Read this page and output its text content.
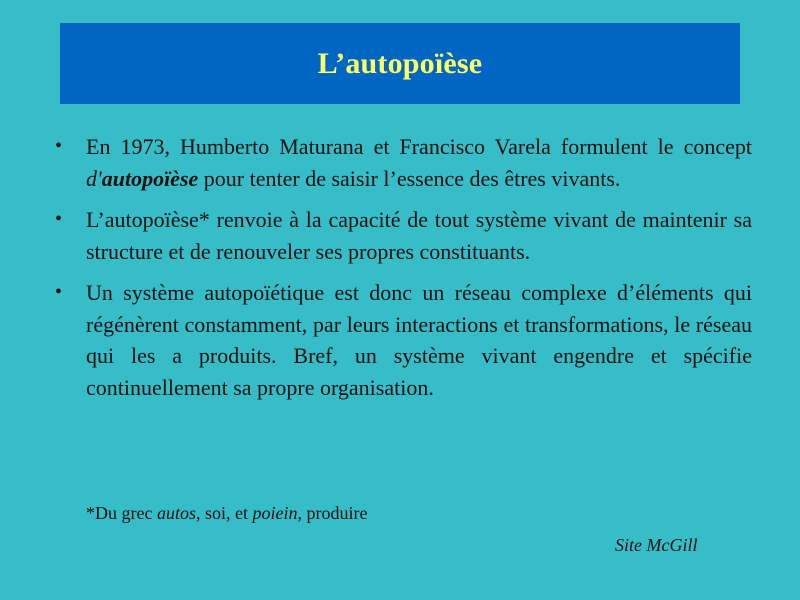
L’autopoïèse
• En 1973, Humberto Maturana et Francisco Varela formulent le concept d'autopoïèse pour tenter de saisir l’essence des êtres vivants.
• L’autopoïèse* renvoie à la capacité de tout système vivant de maintenir sa structure et de renouveler ses propres constituants.
• Un système autopoïétique est donc un réseau complexe d’éléments qui régénèrent constamment, par leurs interactions et transformations, le réseau qui les a produits. Bref, un système vivant engendre et spécifie continuellement sa propre organisation.
*Du grec autos, soi, et poiein, produire
Site McGill
